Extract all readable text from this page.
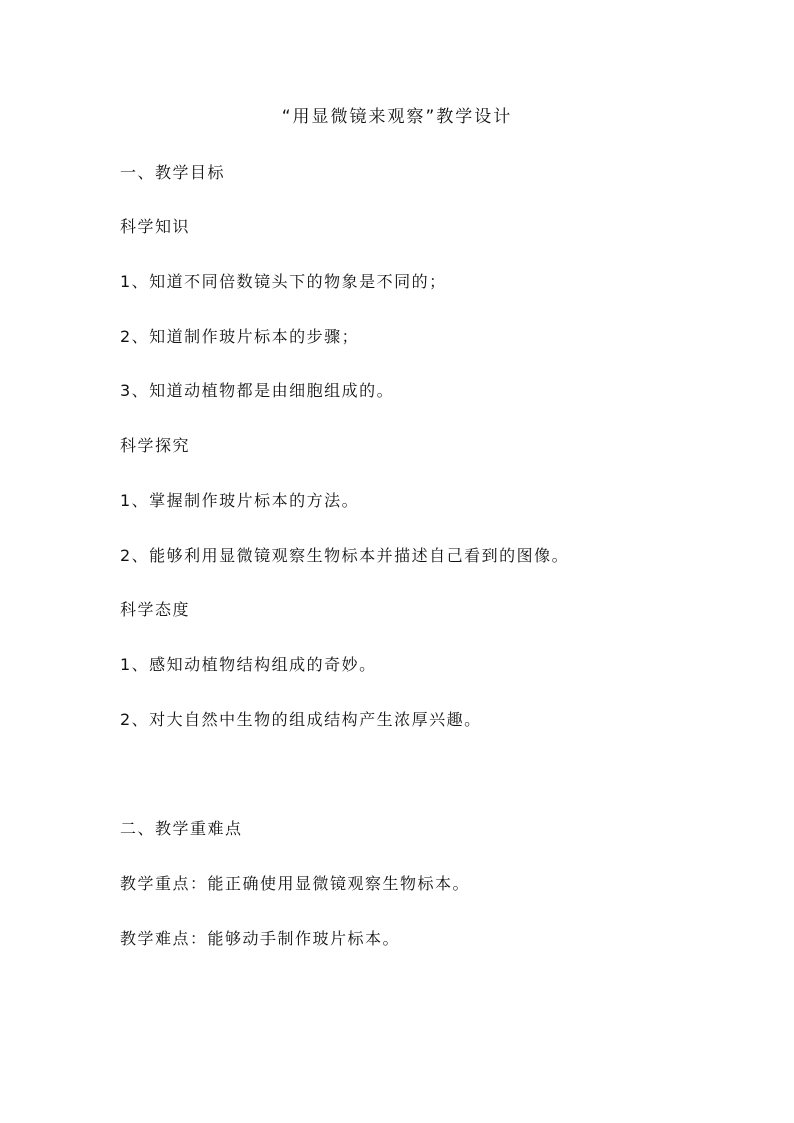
“用显微镜来观察”教学设计
一、教学目标
科学知识
1、知道不同倍数镜头下的物象是不同的；
2、知道制作玻片标本的步骤；
3、知道动植物都是由细胞组成的。
科学探究
1、掌握制作玻片标本的方法。
2、能够利用显微镜观察生物标本并描述自己看到的图像。
科学态度
1、感知动植物结构组成的奇妙。
2、对大自然中生物的组成结构产生浓厚兴趣。
二、教学重难点
教学重点：能正确使用显微镜观察生物标本。
教学难点：能够动手制作玻片标本。
